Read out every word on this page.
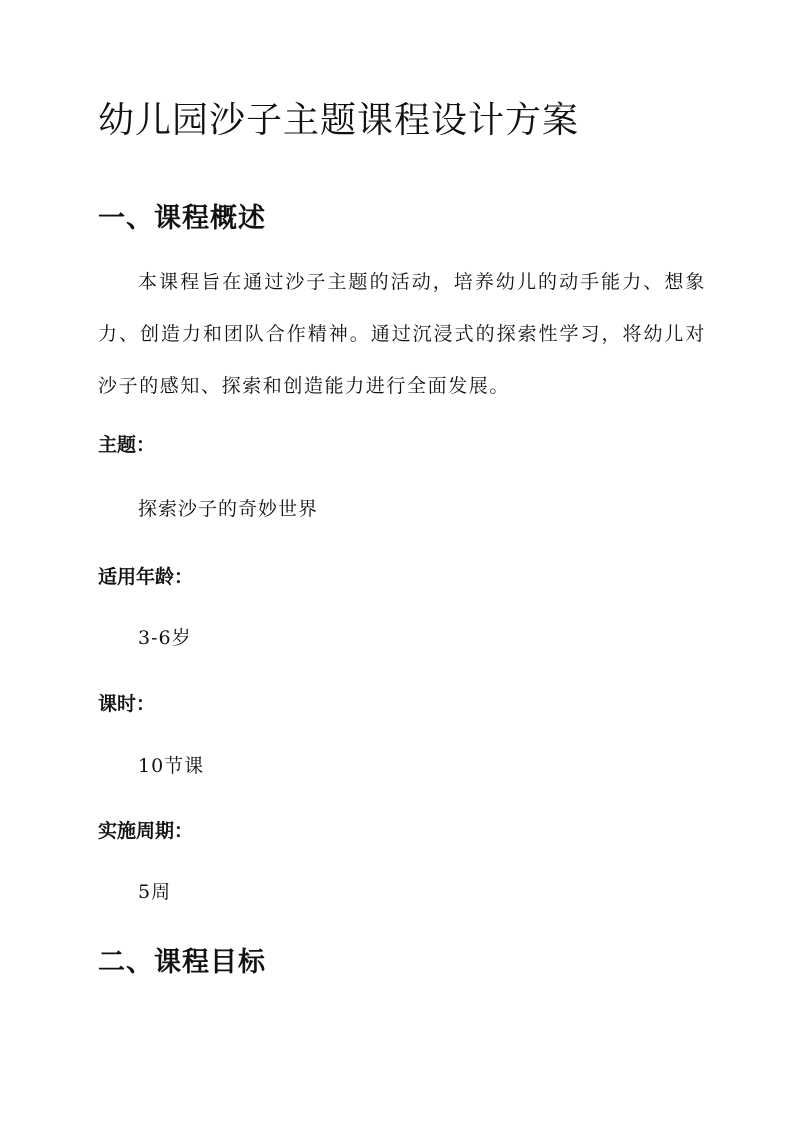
幼儿园沙子主题课程设计方案
一、课程概述

本课程旨在通过沙子主题的活动，培养幼儿的动手能力、想象力、创造力和团队合作精神。通过沉浸式的探索性学习，将幼儿对沙子的感知、探索和创造能力进行全面发展。

主题：

探索沙子的奇妙世界

适用年龄：

3-6岁

课时：

10节课

实施周期：

5周

二、课程目标
